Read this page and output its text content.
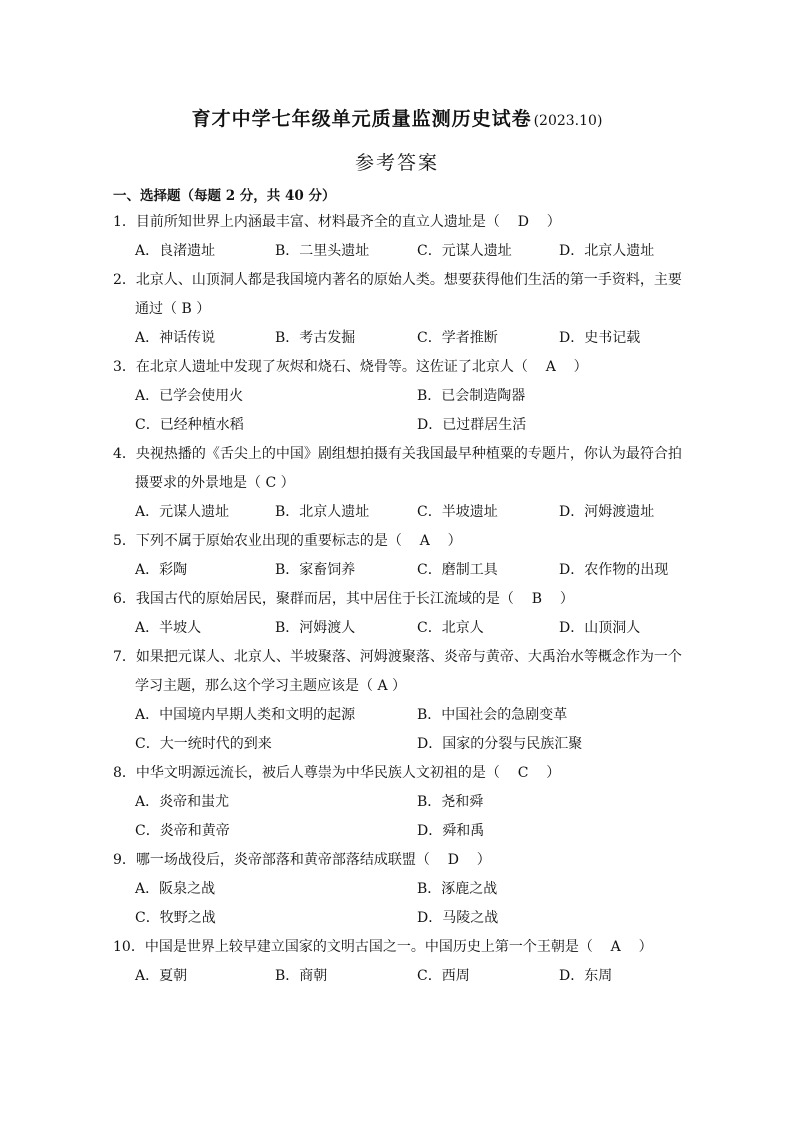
育才中学七年级单元质量监测历史试卷 (2023.10)
参考答案
一、选择题（每题 2 分，共 40 分）
1．目前所知世界上内涵最丰富、材料最齐全的直立人遗址是（ D    ）
A．良渚遗址	B．二里头遗址	C．元谋人遗址	D．北京人遗址
2．北京人、山顶洞人都是我国境内著名的原始人类。想要获得他们生活的第一手资料，主要
通过（ B ）
A．神话传说	B．考古发掘	C．学者推断	D．史书记载
3．在北京人遗址中发现了灰烬和烧石、烧骨等。这佐证了北京人（ A    ）
A．已学会使用火	B．已会制造陶器
C．已经种植水稻	D．已过群居生活
4．央视热播的《舌尖上的中国》剧组想拍摄有关我国最早种植粟的专题片，你认为最符合拍
摄要求的外景地是（ C ）
A．元谋人遗址	B．北京人遗址	C．半坡遗址	D．河姆渡遗址
5．下列不属于原始农业出现的重要标志的是（ A    ）
A．彩陶	B．家畜饲养	C．磨制工具	D．农作物的出现
6．我国古代的原始居民，聚群而居，其中居住于长江流域的是（ B    ）
A．半坡人	B．河姆渡人	C．北京人	D．山顶洞人
7．如果把元谋人、北京人、半坡聚落、河姆渡聚落、炎帝与黄帝、大禹治水等概念作为一个
学习主题，那么这个学习主题应该是（ A ）
A．中国境内早期人类和文明的起源	B．中国社会的急剧变革
C．大一统时代的到来	D．国家的分裂与民族汇聚
8．中华文明源远流长，被后人尊崇为中华民族人文初祖的是（ C    ）
A．炎帝和蚩尤	B．尧和舜
C．炎帝和黄帝	D．舜和禹
9．哪一场战役后，炎帝部落和黄帝部落结成联盟（ D    ）
A．阪泉之战	B．涿鹿之战
C．牧野之战	D．马陵之战
10．中国是世界上较早建立国家的文明古国之一。中国历史上第一个王朝是（ A    ）
A．夏朝	B．商朝	C．西周	D．东周
